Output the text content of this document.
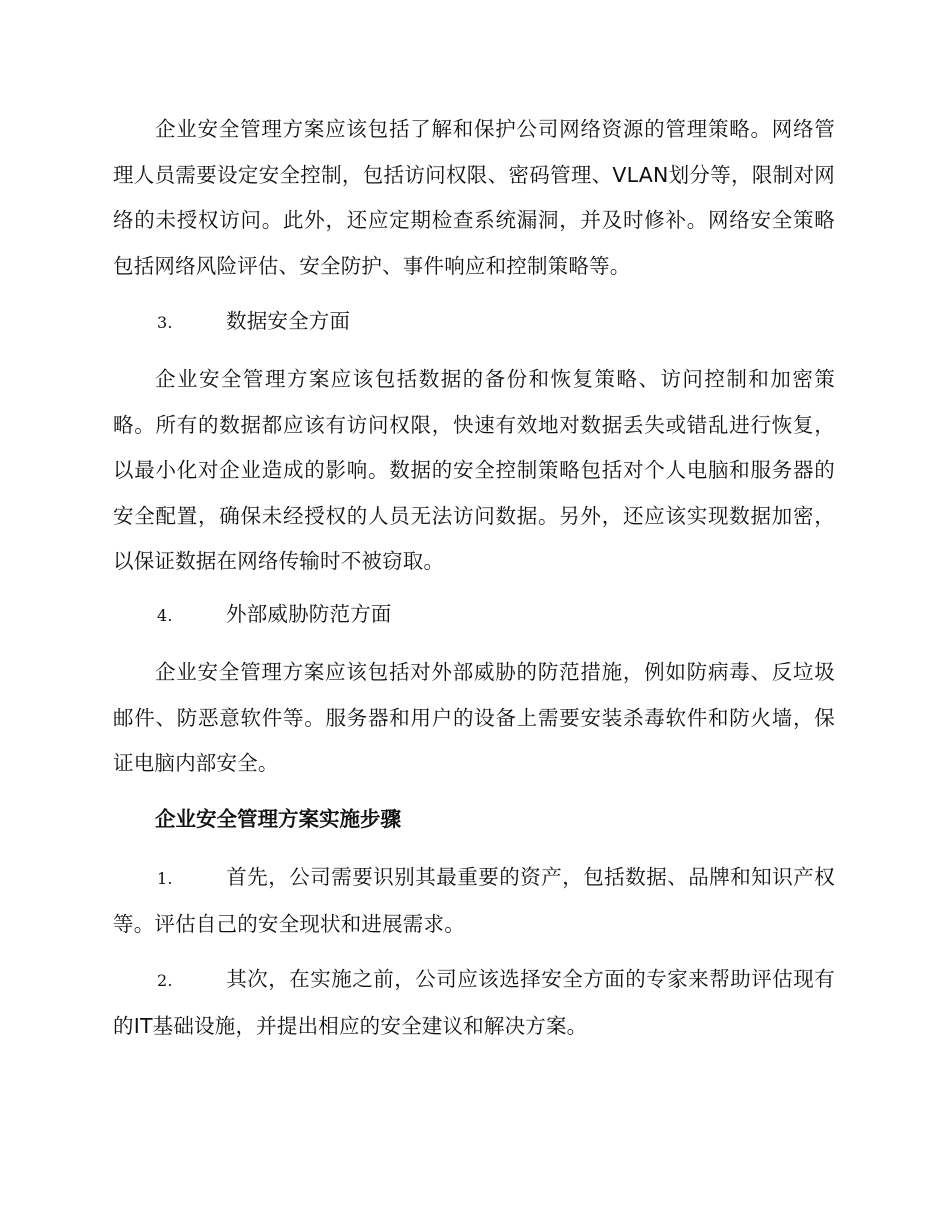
企业安全管理方案应该包括了解和保护公司网络资源的管理策略。网络管理人员需要设定安全控制，包括访问权限、密码管理、VLAN划分等，限制对网络的未授权访问。此外，还应定期检查系统漏洞，并及时修补。网络安全策略包括网络风险评估、安全防护、事件响应和控制策略等。

3.	数据安全方面

企业安全管理方案应该包括数据的备份和恢复策略、访问控制和加密策略。所有的数据都应该有访问权限，快速有效地对数据丢失或错乱进行恢复，以最小化对企业造成的影响。数据的安全控制策略包括对个人电脑和服务器的安全配置，确保未经授权的人员无法访问数据。另外，还应该实现数据加密，以保证数据在网络传输时不被窃取。

4.	外部威胁防范方面

企业安全管理方案应该包括对外部威胁的防范措施，例如防病毒、反垃圾邮件、防恶意软件等。服务器和用户的设备上需要安装杀毒软件和防火墙，保证电脑内部安全。

企业安全管理方案实施步骤

1.	首先，公司需要识别其最重要的资产，包括数据、品牌和知识产权等。评估自己的安全现状和进展需求。

2.	其次，在实施之前，公司应该选择安全方面的专家来帮助评估现有的IT基础设施，并提出相应的安全建议和解决方案。
